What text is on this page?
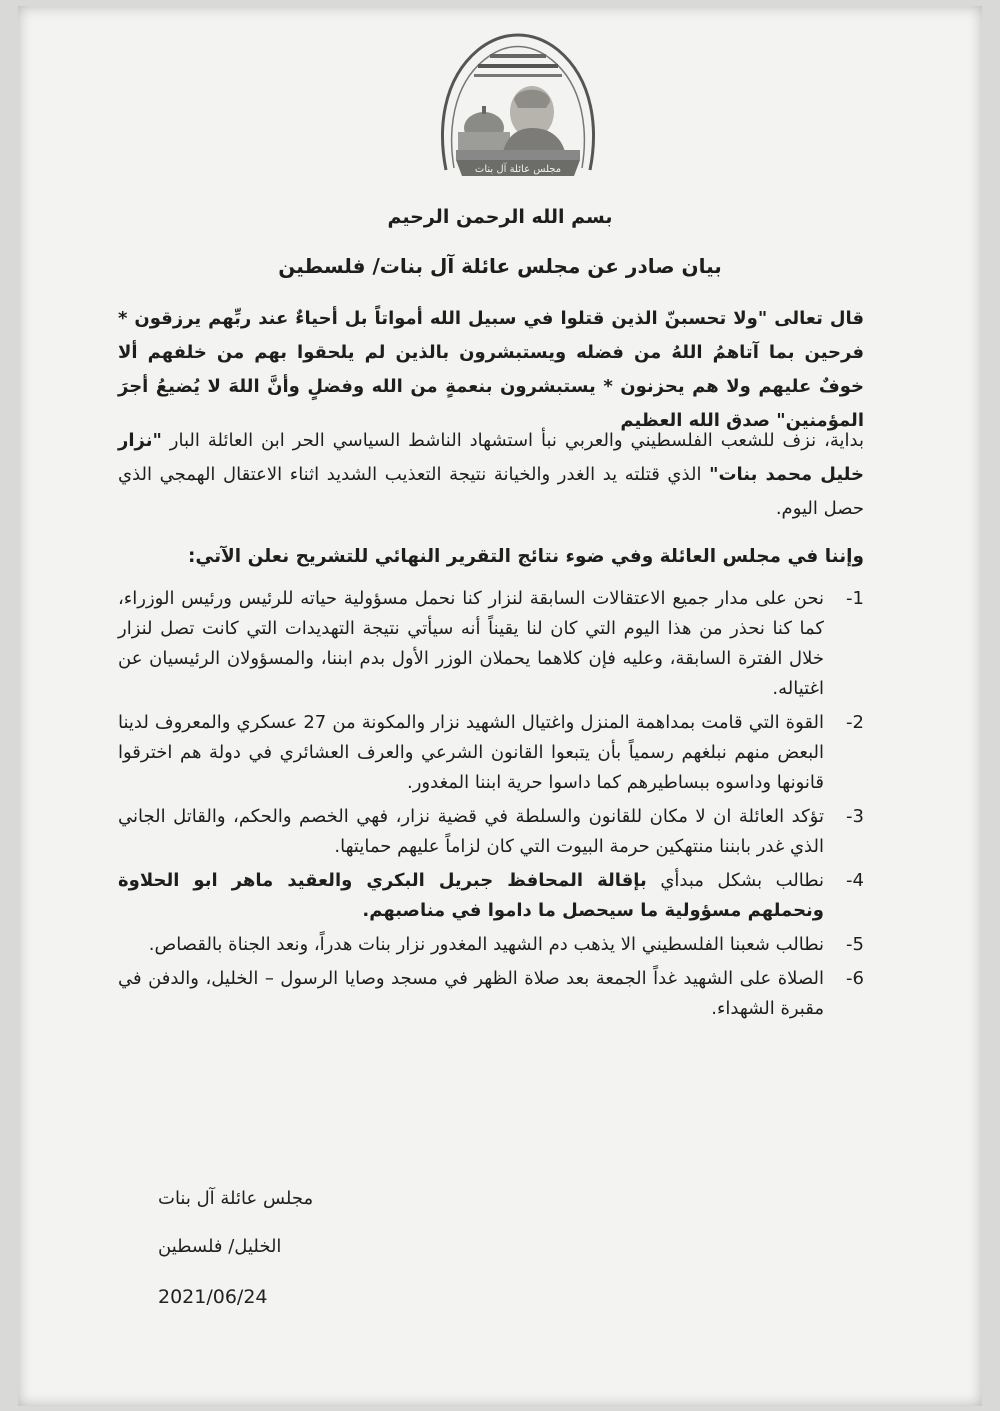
مجلس عائلة آل بنات
بسم الله الرحمن الرحيم
بيان صادر عن مجلس عائلة آل بنات/ فلسطين
قال تعالى "ولا تحسبنّ الذين قتلوا في سبيل الله أمواتاً بل أحياءٌ عند ربِّهم يرزقون * فرحين بما آتاهمُ اللهُ من فضله ويستبشرون بالذين لم يلحقوا بهم من خلفهم ألا خوفٌ عليهم ولا هم يحزنون * يستبشرون بنعمةٍ من الله وفضلٍ وأنَّ اللهَ لا يُضيعُ أجرَ المؤمنين" صدق الله العظيم
بداية، نزف للشعب الفلسطيني والعربي نبأ استشهاد الناشط السياسي الحر ابن العائلة البار "نزار خليل محمد بنات" الذي قتلته يد الغدر والخيانة نتيجة التعذيب الشديد اثناء الاعتقال الهمجي الذي حصل اليوم.
وإننا في مجلس العائلة وفي ضوء نتائج التقرير النهائي للتشريح نعلن الآتي:
1-
نحن على مدار جميع الاعتقالات السابقة لنزار كنا نحمل مسؤولية حياته للرئيس ورئيس الوزراء، كما كنا نحذر من هذا اليوم التي كان لنا يقيناً أنه سيأتي نتيجة التهديدات التي كانت تصل لنزار خلال الفترة السابقة، وعليه فإن كلاهما يحملان الوزر الأول بدم ابننا، والمسؤولان الرئيسيان عن اغتياله.
2-
القوة التي قامت بمداهمة المنزل واغتيال الشهيد نزار والمكونة من 27 عسكري والمعروف لدينا البعض منهم نبلغهم رسمياً بأن يتبعوا القانون الشرعي والعرف العشائري في دولة هم اخترقوا قانونها وداسوه ببساطيرهم كما داسوا حرية ابننا المغدور.
3-
تؤكد العائلة ان لا مكان للقانون والسلطة في قضية نزار، فهي الخصم والحكم، والقاتل الجاني الذي غدر بابننا منتهكين حرمة البيوت التي كان لزاماً عليهم حمايتها.
4-
نطالب بشكل مبدأي بإقالة المحافظ جبريل البكري والعقيد ماهر ابو الحلاوة ونحملهم مسؤولية ما سيحصل ما داموا في مناصبهم.
5-
نطالب شعبنا الفلسطيني الا يذهب دم الشهيد المغدور نزار بنات هدراً، ونعد الجناة بالقصاص.
6-
الصلاة على الشهيد غداً الجمعة بعد صلاة الظهر في مسجد وصايا الرسول – الخليل، والدفن في مقبرة الشهداء.
مجلس عائلة آل بنات
الخليل/ فلسطين
2021/06/24
